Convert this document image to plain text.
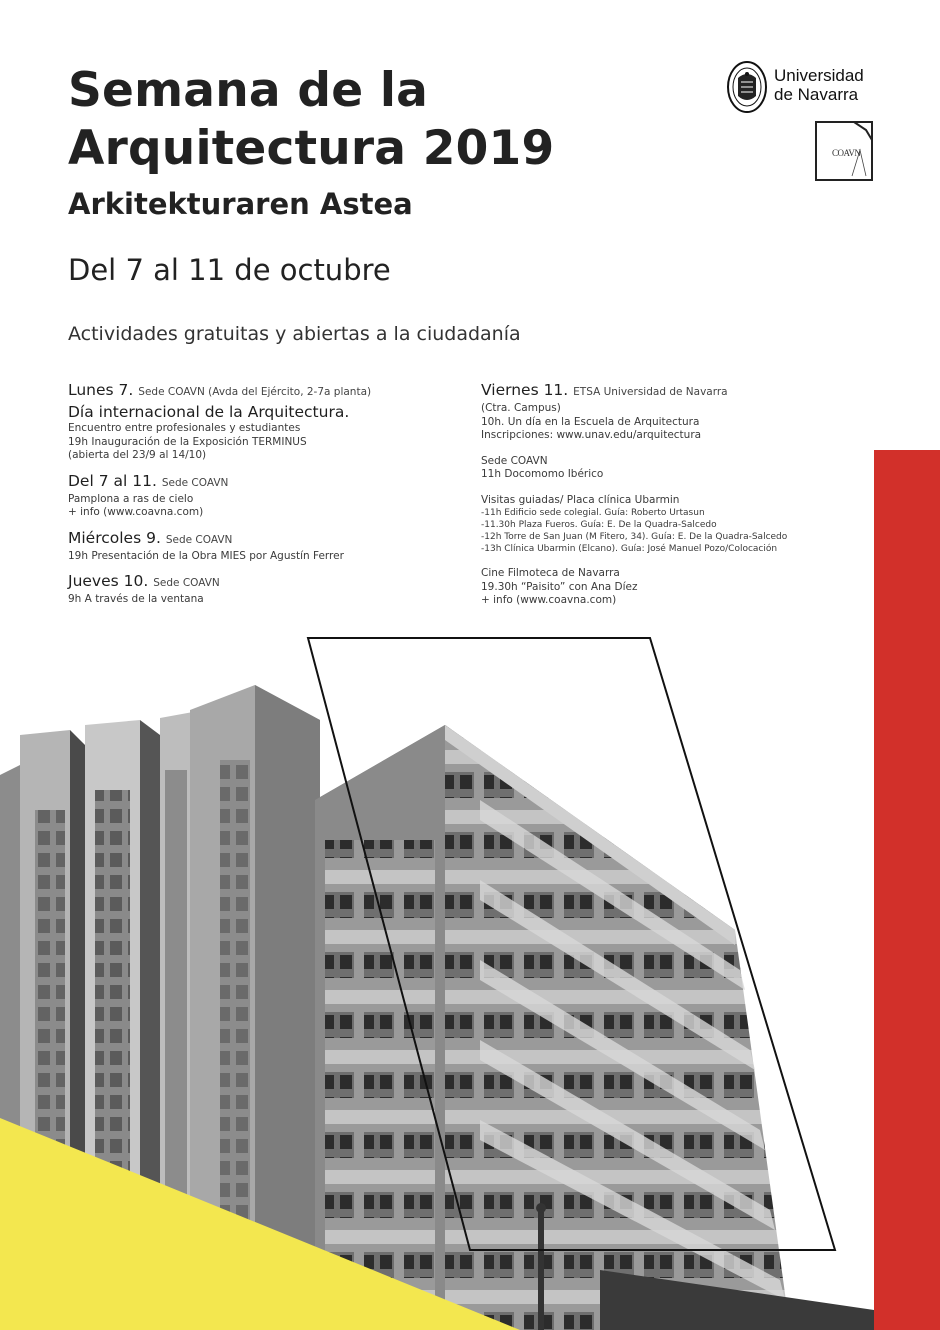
Semana de la
Arquitectura 2019
Arkitekturaren Astea
Del 7 al 11 de octubre
Actividades gratuitas y abiertas a la ciudadanía
Universidad
de Navarra
COAVN
Lunes 7. Sede COAVN (Avda del Ejército, 2-7a planta)
Día internacional de la Arquitectura.
Encuentro entre profesionales y estudiantes
19h Inauguración de la Exposición TERMINUS
(abierta del 23/9 al 14/10)
Del 7 al 11. Sede COAVN
Pamplona a ras de cielo
+ info (www.coavna.com)
Miércoles 9. Sede COAVN
19h Presentación de la Obra MIES por Agustín Ferrer
Jueves 10. Sede COAVN
9h A través de la ventana
Viernes 11. ETSA Universidad de Navarra
(Ctra. Campus)
10h. Un día en la Escuela de Arquitectura
Inscripciones: www.unav.edu/arquitectura
Sede COAVN
11h Docomomo Ibérico
Visitas guiadas/ Placa clínica Ubarmin
-11h Edificio sede colegial. Guía: Roberto Urtasun
-11.30h Plaza Fueros. Guía: E. De la Quadra-Salcedo
-12h Torre de San Juan (M Fitero, 34). Guía: E. De la Quadra-Salcedo
-13h Clínica Ubarmin (Elcano). Guía: José Manuel Pozo/Colocación
Cine Filmoteca de Navarra
19.30h “Paisito” con Ana Díez
+ info (www.coavna.com)
